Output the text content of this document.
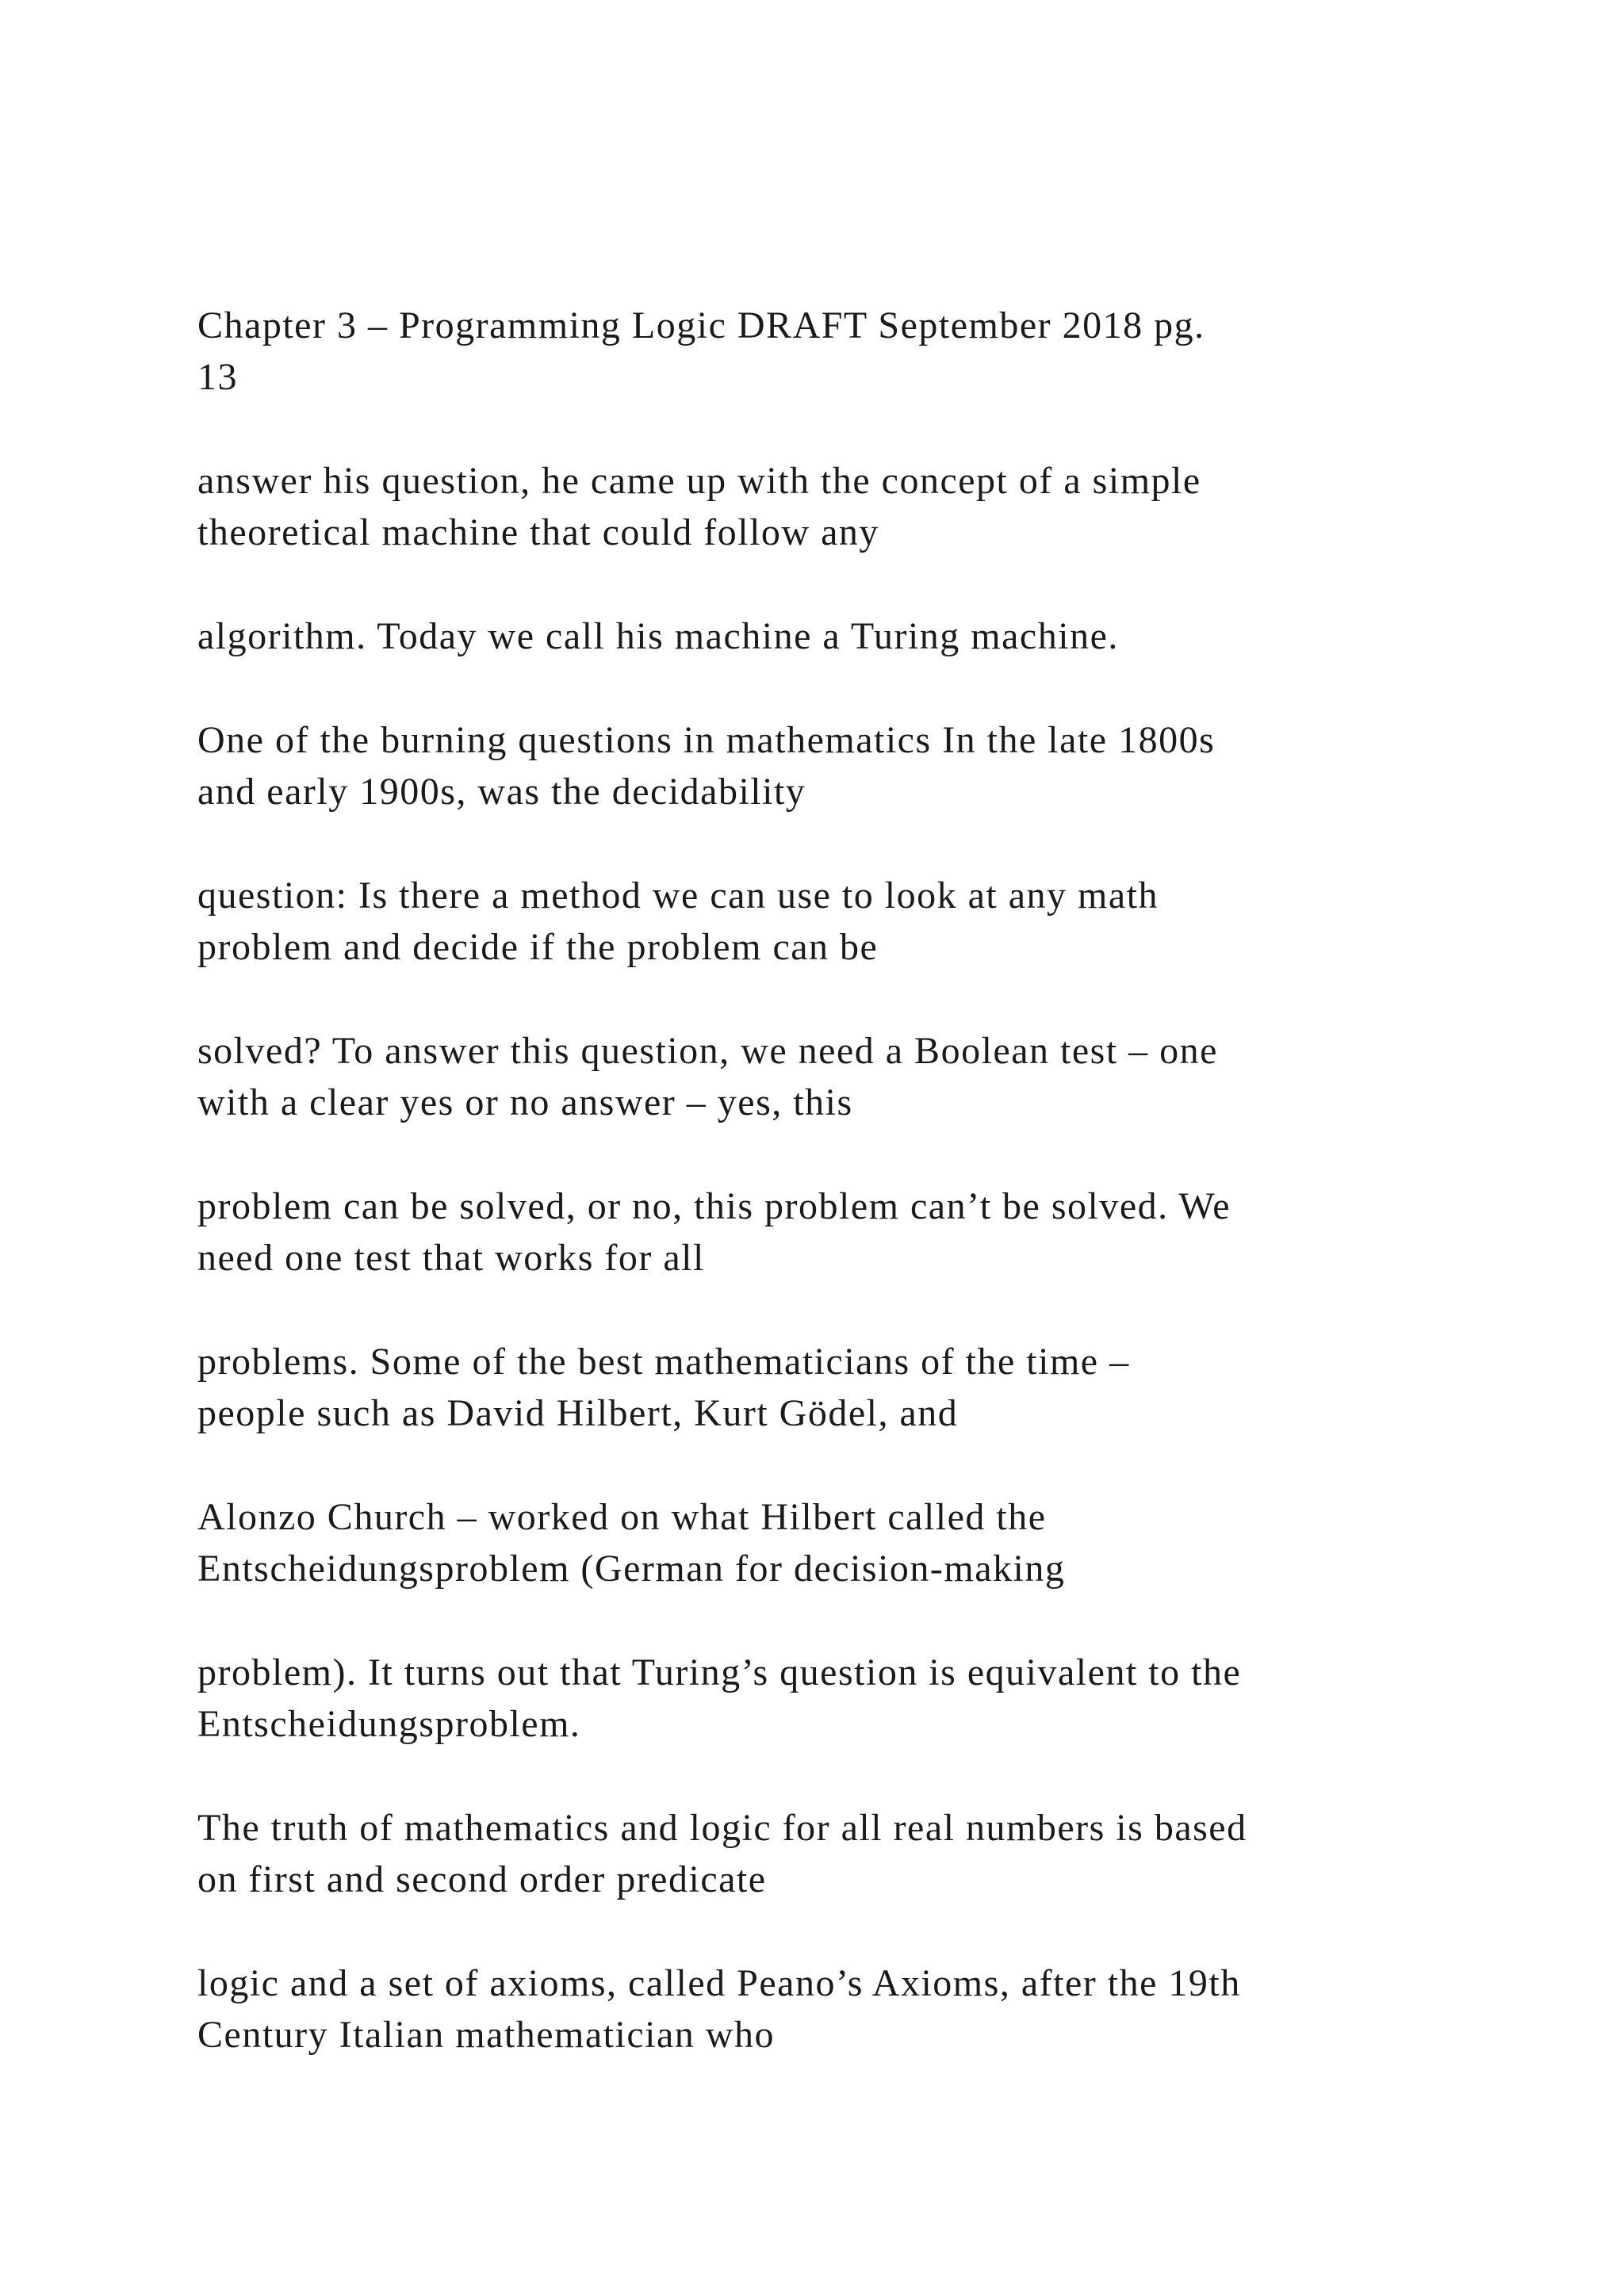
Chapter 3 – Programming Logic DRAFT September 2018 pg.
13
answer his question, he came up with the concept of a simple
theoretical machine that could follow any
algorithm. Today we call his machine a Turing machine.
One of the burning questions in mathematics In the late 1800s
and early 1900s, was the decidability
question: Is there a method we can use to look at any math
problem and decide if the problem can be
solved? To answer this question, we need a Boolean test – one
with a clear yes or no answer – yes, this
problem can be solved, or no, this problem can’t be solved. We
need one test that works for all
problems. Some of the best mathematicians of the time –
people such as David Hilbert, Kurt Gödel, and
Alonzo Church – worked on what Hilbert called the
Entscheidungsproblem (German for decision-making
problem). It turns out that Turing’s question is equivalent to the
Entscheidungsproblem.
The truth of mathematics and logic for all real numbers is based
on first and second order predicate
logic and a set of axioms, called Peano’s Axioms, after the 19th
Century Italian mathematician who
